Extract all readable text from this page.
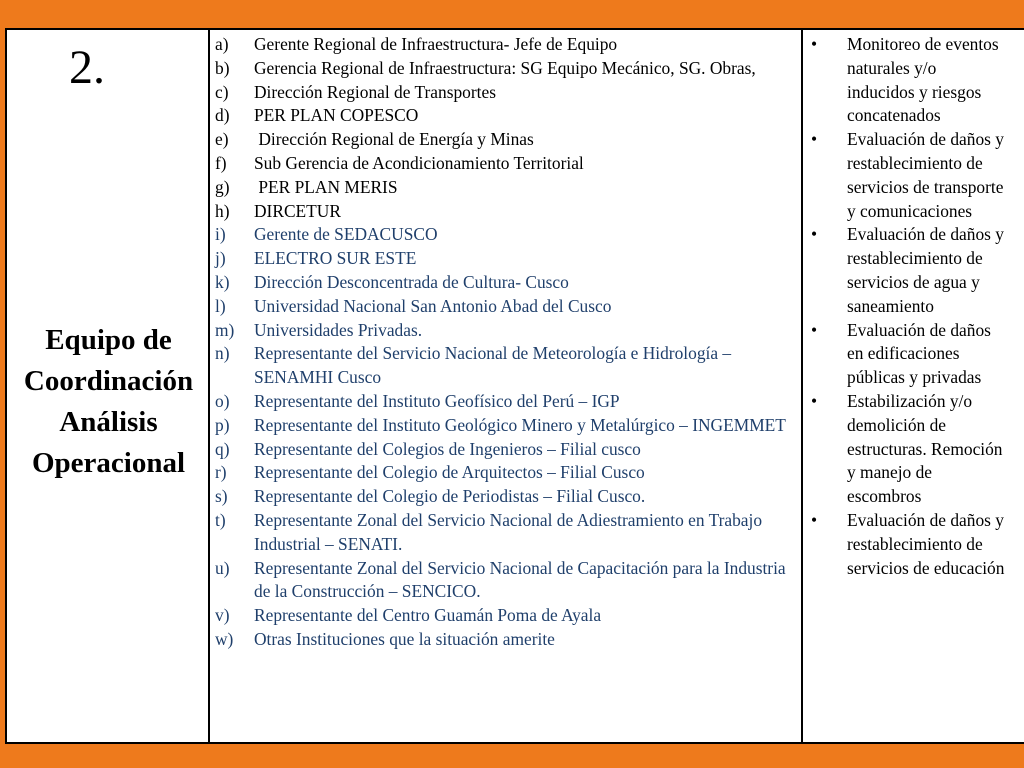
2.
Equipo de
Coordinación
Análisis
Operacional
a) Gerente Regional de Infraestructura- Jefe de Equipo
b) Gerencia Regional de Infraestructura: SG Equipo Mecánico, SG. Obras,
c) Dirección Regional de Transportes
d) PER PLAN COPESCO
e) Dirección Regional de Energía y Minas
f) Sub Gerencia de Acondicionamiento Territorial
g) PER PLAN MERIS
h) DIRCETUR
i) Gerente de SEDACUSCO
j) ELECTRO SUR ESTE
k) Dirección Desconcentrada de Cultura- Cusco
l) Universidad Nacional San Antonio Abad del Cusco
m) Universidades Privadas.
n) Representante del Servicio Nacional de Meteorología e Hidrología – SENAMHI Cusco
o) Representante del Instituto Geofísico del Perú – IGP
p) Representante del Instituto Geológico Minero y Metalúrgico – INGEMMET
q) Representante del Colegios de Ingenieros – Filial cusco
r) Representante del Colegio de Arquitectos – Filial Cusco
s) Representante del Colegio de Periodistas – Filial Cusco.
t) Representante Zonal del Servicio Nacional de Adiestramiento en Trabajo Industrial – SENATI.
u) Representante Zonal del Servicio Nacional de Capacitación para la Industria de la Construcción – SENCICO.
v) Representante del Centro Guamán Poma de Ayala
w) Otras Instituciones que la situación amerite
• Monitoreo de eventos
naturales y/o
inducidos y riesgos
concatenados
• Evaluación de daños y
restablecimiento de
servicios de transporte
y comunicaciones
• Evaluación de daños y
restablecimiento de
servicios de agua y
saneamiento
• Evaluación de daños
en edificaciones
públicas y privadas
• Estabilización y/o
demolición de
estructuras. Remoción
y manejo de
escombros
• Evaluación de daños y
restablecimiento de
servicios de educación
